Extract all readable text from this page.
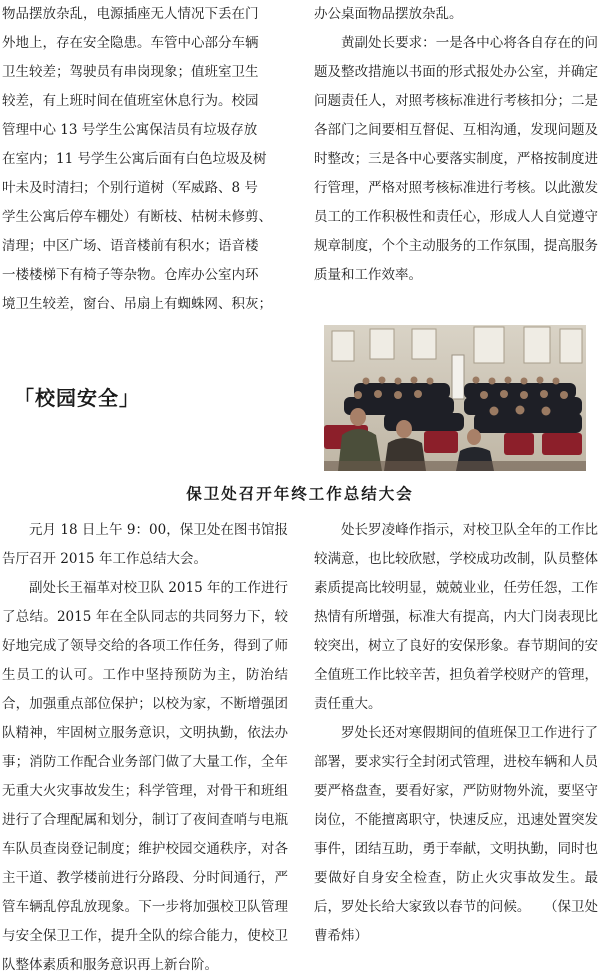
物品摆放杂乱，电源插座无人情况下丢在门
外地上，存在安全隐患。车管中心部分车辆
卫生较差；驾驶员有串岗现象；值班室卫生
较差，有上班时间在值班室休息行为。校园
管理中心 13 号学生公寓保洁员有垃圾存放
在室内；11 号学生公寓后面有白色垃圾及树
叶未及时清扫；个别行道树（军威路、8 号
学生公寓后停车棚处）有断枝、枯树未修剪、
清理；中区广场、语音楼前有积水；语音楼
一楼楼梯下有椅子等杂物。仓库办公室内环
境卫生较差，窗台、吊扇上有蜘蛛网、积灰；

办公桌面物品摆放杂乱。

黄副处长要求：一是各中心将各自存在的问题及整改措施以书面的形式报处办公室，并确定问题责任人，对照考核标准进行考核扣分；二是各部门之间要相互督促、互相沟通，发现问题及时整改；三是各中心要落实制度，严格按制度进行管理，严格对照考核标准进行考核。以此激发员工的工作积极性和责任心，形成人人自觉遵守规章制度，个个主动服务的工作氛围，提高服务质量和工作效率。

「校园安全」
保卫处召开年终工作总结大会

元月 18 日上午 9：00，保卫处在图书馆报告厅召开 2015 年工作总结大会。

副处长王福革对校卫队 2015 年的工作进行了总结。2015 年在全队同志的共同努力下，较好地完成了领导交给的各项工作任务，得到了师生员工的认可。工作中坚持预防为主，防治结合，加强重点部位保护；以校为家，不断增强团队精神，牢固树立服务意识，文明执勤，依法办事；消防工作配合业务部门做了大量工作，全年无重大火灾事故发生；科学管理，对骨干和班组进行了合理配属和划分，制订了夜间查哨与电瓶车队员查岗登记制度；维护校园交通秩序，对各主干道、教学楼前进行分路段、分时间通行，严管车辆乱停乱放现象。下一步将加强校卫队管理与安全保卫工作，提升全队的综合能力，使校卫队整体素质和服务意识再上新台阶。

处长罗凌峰作指示，对校卫队全年的工作比较满意，也比较欣慰，学校成功改制，队员整体素质提高比较明显，兢兢业业，任劳任怨，工作热情有所增强，标准大有提高，内大门岗表现比较突出，树立了良好的安保形象。春节期间的安全值班工作比较辛苦，担负着学校财产的管理，责任重大。

罗处长还对寒假期间的值班保卫工作进行了部署，要求实行全封闭式管理，进校车辆和人员要严格盘查，要看好家，严防财物外流，要坚守岗位，不能擅离职守，快速反应，迅速处置突发事件，团结互助，勇于奉献，文明执勤，同时也要做好自身安全检查，防止火灾事故发生。最后，罗处长给大家致以春节的问候。　　 （保卫处　曹希炜）
